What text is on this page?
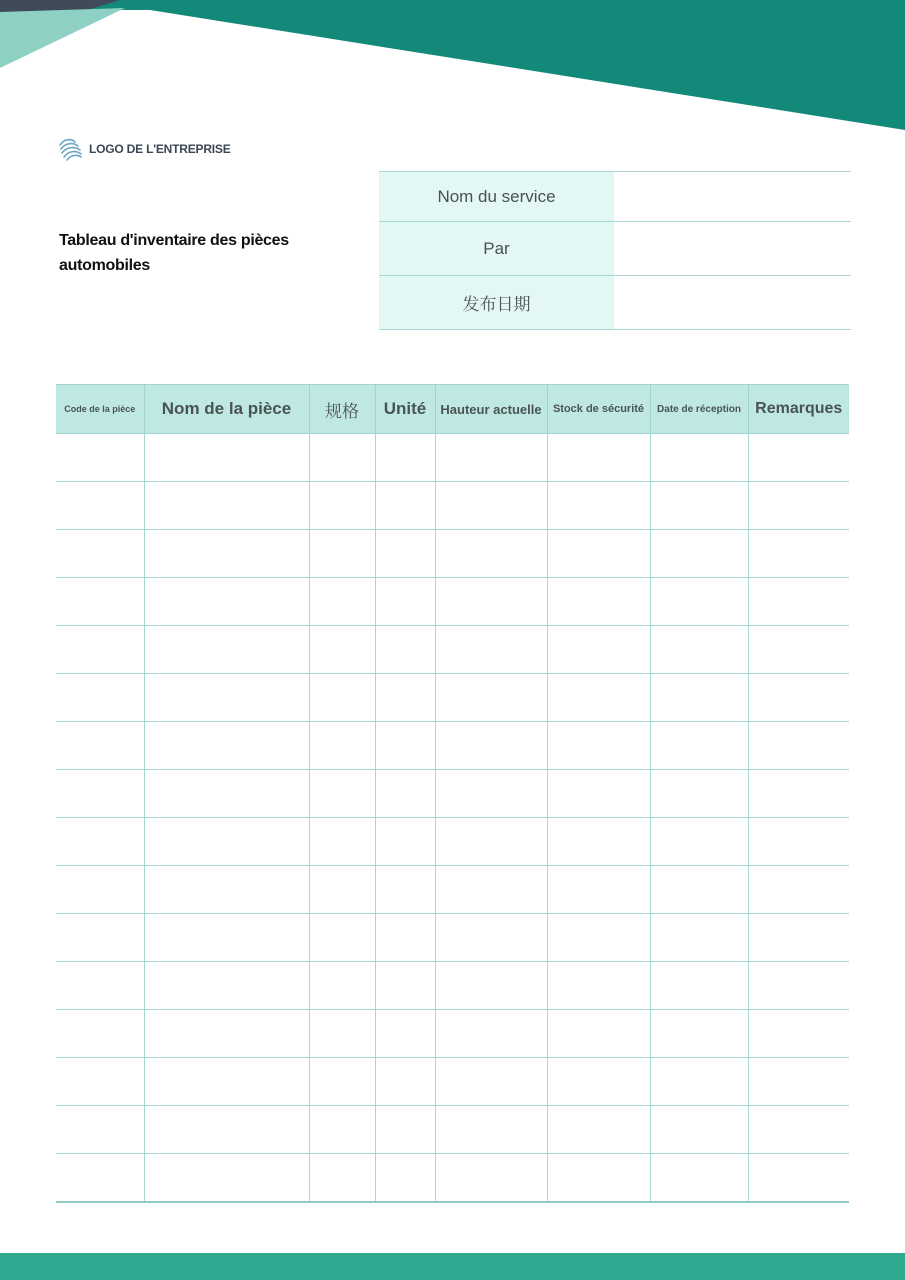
LOGO DE L'ENTREPRISE
Tableau d'inventaire des pièces automobiles
Nom du service	
Par	
发布日期	
Code de la pièce	Nom de la pièce	规格	Unité	Hauteur actuelle	Stock de sécurité	Date de réception	Remarques
